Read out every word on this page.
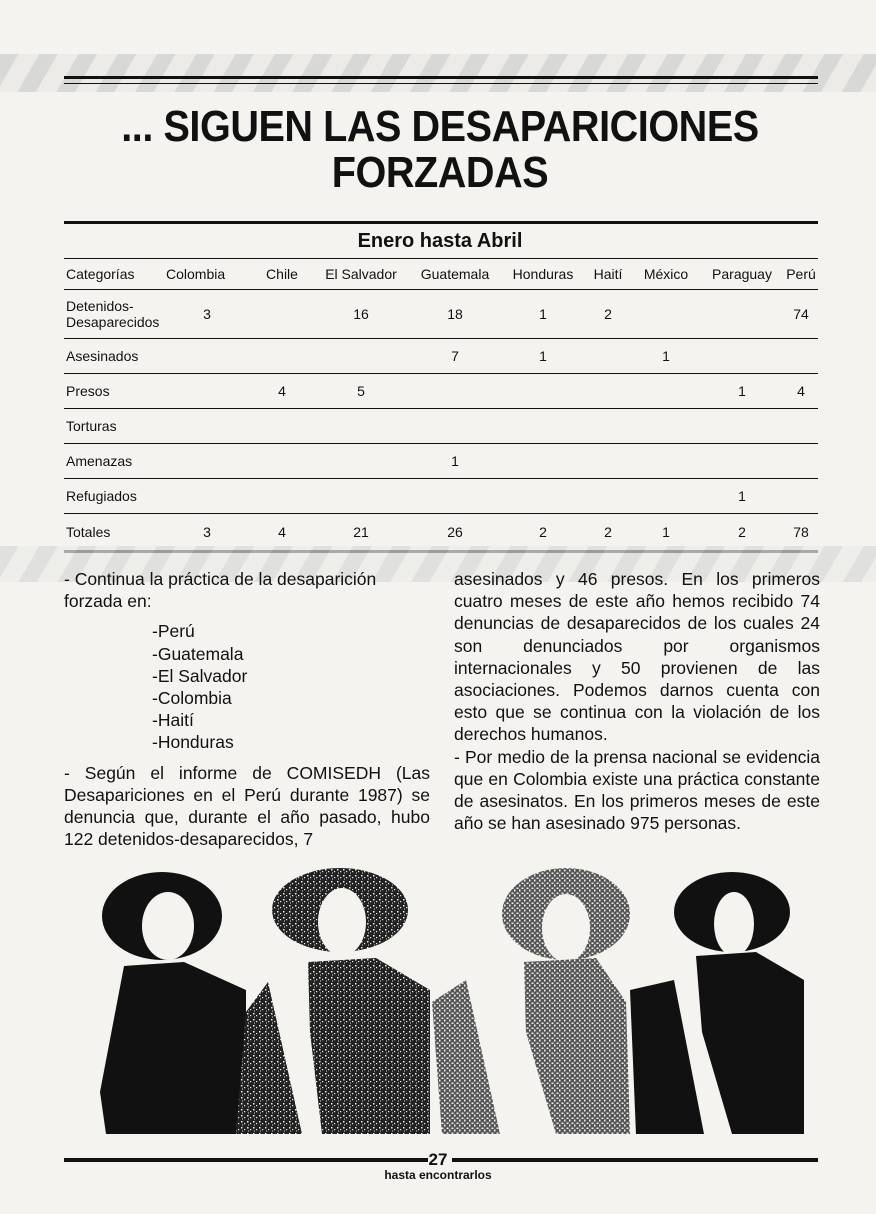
... SIGUEN LAS DESAPARICIONES FORZADAS
Enero hasta Abril
Categorías	Colombia	Chile	El Salvador	Guatemala	Honduras	Haití	México	Paraguay	Perú
Detenidos-
Desaparecidos	3		16	18	1	2			74
Asesinados				7	1		1		
Presos		4	5					1	4
Torturas									
Amenazas				1					
Refugiados								1	
Totales	3	4	21	26	2	2	1	2	78

- Continua la práctica de la desaparición forzada en:

-Perú
-Guatemala
-El Salvador
-Colombia
-Haití
-Honduras

- Según el informe de COMISEDH (Las Desapariciones en el Perú durante 1987) se denuncia que, durante el año pasado, hubo 122 detenidos-desaparecidos, 7

asesinados y 46 presos. En los primeros cuatro meses de este año hemos recibido 74 denuncias de desaparecidos de los cuales 24 son denunciados por organismos internacionales y 50 provienen de las asociaciones. Podemos darnos cuenta con esto que se continua con la violación de los derechos humanos.

- Por medio de la prensa nacional se evidencia que en Colombia existe una práctica constante de asesinatos. En los primeros meses de este año se han asesinado 975 personas.

27
hasta encontrarlos
